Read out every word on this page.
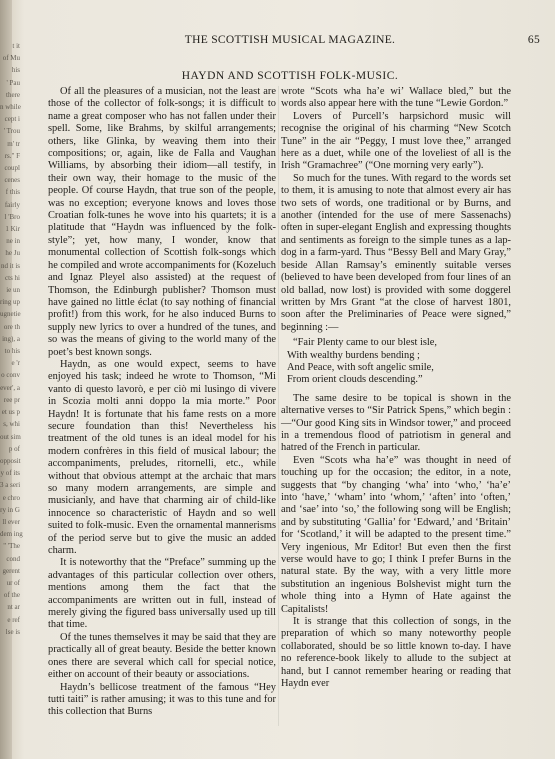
t it
of Mu
his
' Pau
there
n while
cept i
' Trou
m' tr
rs." F
coupl
cenes
f this
fairly
l 'Bro
1 Kir
ne in
he Ju
nd it is
cts hi
ie un
ring up
ugnetie
ore th
ing), a
to his
e 'r
o conv
ever', a
ree pr
et us p
s, whi
out sim
p of
opposit
y of its
3 a seri
e chro
ry in G
ll ever
dem ing
" 'The
cond
gerent
ur of
of the
nt ar
e ref
lse is
THE SCOTTISH MUSICAL MAGAZINE.	65
HAYDN AND SCOTTISH FOLK-MUSIC.

Of all the pleasures of a musician, not the least are those of the collector of folk-songs; it is difficult to name a great composer who has not fallen under their spell. Some, like Brahms, by skilful arrangements; others, like Glinka, by weaving them into their compositions; or, again, like de Falla and Vaughan Williams, by absorbing their idiom—all testify, in their own way, their homage to the music of the people. Of course Haydn, that true son of the people, was no exception; everyone knows and loves those Croatian folk-tunes he wove into his quartets; it is a platitude that “Haydn was influenced by the folk-style”; yet, how many, I wonder, know that monumental collection of Scottish folk-songs which he compiled and wrote accompaniments for (Kozeluch and Ignaz Pleyel also assisted) at the request of Thomson, the Edinburgh publisher? Thomson must have gained no little éclat (to say nothing of financial profit!) from this work, for he also induced Burns to supply new lyrics to over a hundred of the tunes, and so was the means of giving to the world many of the poet’s best known songs.

Haydn, as one would expect, seems to have enjoyed his task; indeed he wrote to Thomson, “Mi vanto di questo lavorò, e per ciò mi lusingo di vivere in Scozia molti anni doppo la mia morte.” Poor Haydn! It is fortunate that his fame rests on a more secure foundation than this! Nevertheless his treatment of the old tunes is an ideal model for his modern confrères in this field of musical labour; the accompaniments, preludes, ritornelli, etc., while without that obvious attempt at the archaic that mars so many modern arrangements, are simple and musicianly, and have that charming air of child-like innocence so characteristic of Haydn and so well suited to folk-music. Even the ornamental mannerisms of the period serve but to give the music an added charm.

It is noteworthy that the “Preface” summing up the advantages of this particular collection over others, mentions among them the fact that the accompaniments are written out in full, instead of merely giving the figured bass universally used up till that time.

Of the tunes themselves it may be said that they are practically all of great beauty. Beside the better known ones there are several which call for special notice, either on account of their beauty or associations.

Haydn’s bellicose treatment of the famous “Hey tutti taiti” is rather amusing; it was to this tune and for this collection that Burns

wrote “Scots wha ha’e wi’ Wallace bled,” but the words also appear here with the tune “Lewie Gordon.”

Lovers of Purcell’s harpsichord music will recognise the original of his charming “New Scotch Tune” in the air “Peggy, I must love thee,” arranged here as a duet, while one of the loveliest of all is the Irish “Gramachree” (“One morning very early”).

So much for the tunes. With regard to the words set to them, it is amusing to note that almost every air has two sets of words, one traditional or by Burns, and another (intended for the use of mere Sassenachs) often in super-elegant English and expressing thoughts and sentiments as foreign to the simple tunes as a lap-dog in a farm-yard. Thus “Bessy Bell and Mary Gray,” beside Allan Ramsay’s eminently suitable verses (believed to have been developed from four lines of an old ballad, now lost) is provided with some doggerel written by Mrs Grant “at the close of harvest 1801, soon after the Preliminaries of Peace were signed,” beginning :—

“Fair Plenty came to our blest isle,
With wealthy burdens bending ;
And Peace, with soft angelic smile,
From orient clouds descending.”

The same desire to be topical is shown in the alternative verses to “Sir Patrick Spens,” which begin :—“Our good King sits in Windsor tower,” and proceed in a tremendous flood of patriotism in general and hatred of the French in particular.

Even “Scots wha ha’e” was thought in need of touching up for the occasion; the editor, in a note, suggests that “by changing ‘wha’ into ‘who,’ ‘ha’e’ into ‘have,’ ‘wham’ into ‘whom,’ ‘aften’ into ‘often,’ and ‘sae’ into ‘so,’ the following song will be English; and by substituting ‘Gallia’ for ‘Edward,’ and ‘Britain’ for ‘Scotland,’ it will be adapted to the present time.” Very ingenious, Mr Editor! But even then the first verse would have to go; I think I prefer Burns in the natural state. By the way, with a very little more substitution an ingenious Bolshevist might turn the whole thing into a Hymn of Hate against the Capitalists!

It is strange that this collection of songs, in the preparation of which so many noteworthy people collaborated, should be so little known to-day. I have no reference-book likely to allude to the subject at hand, but I cannot remember hearing or reading that Haydn ever
